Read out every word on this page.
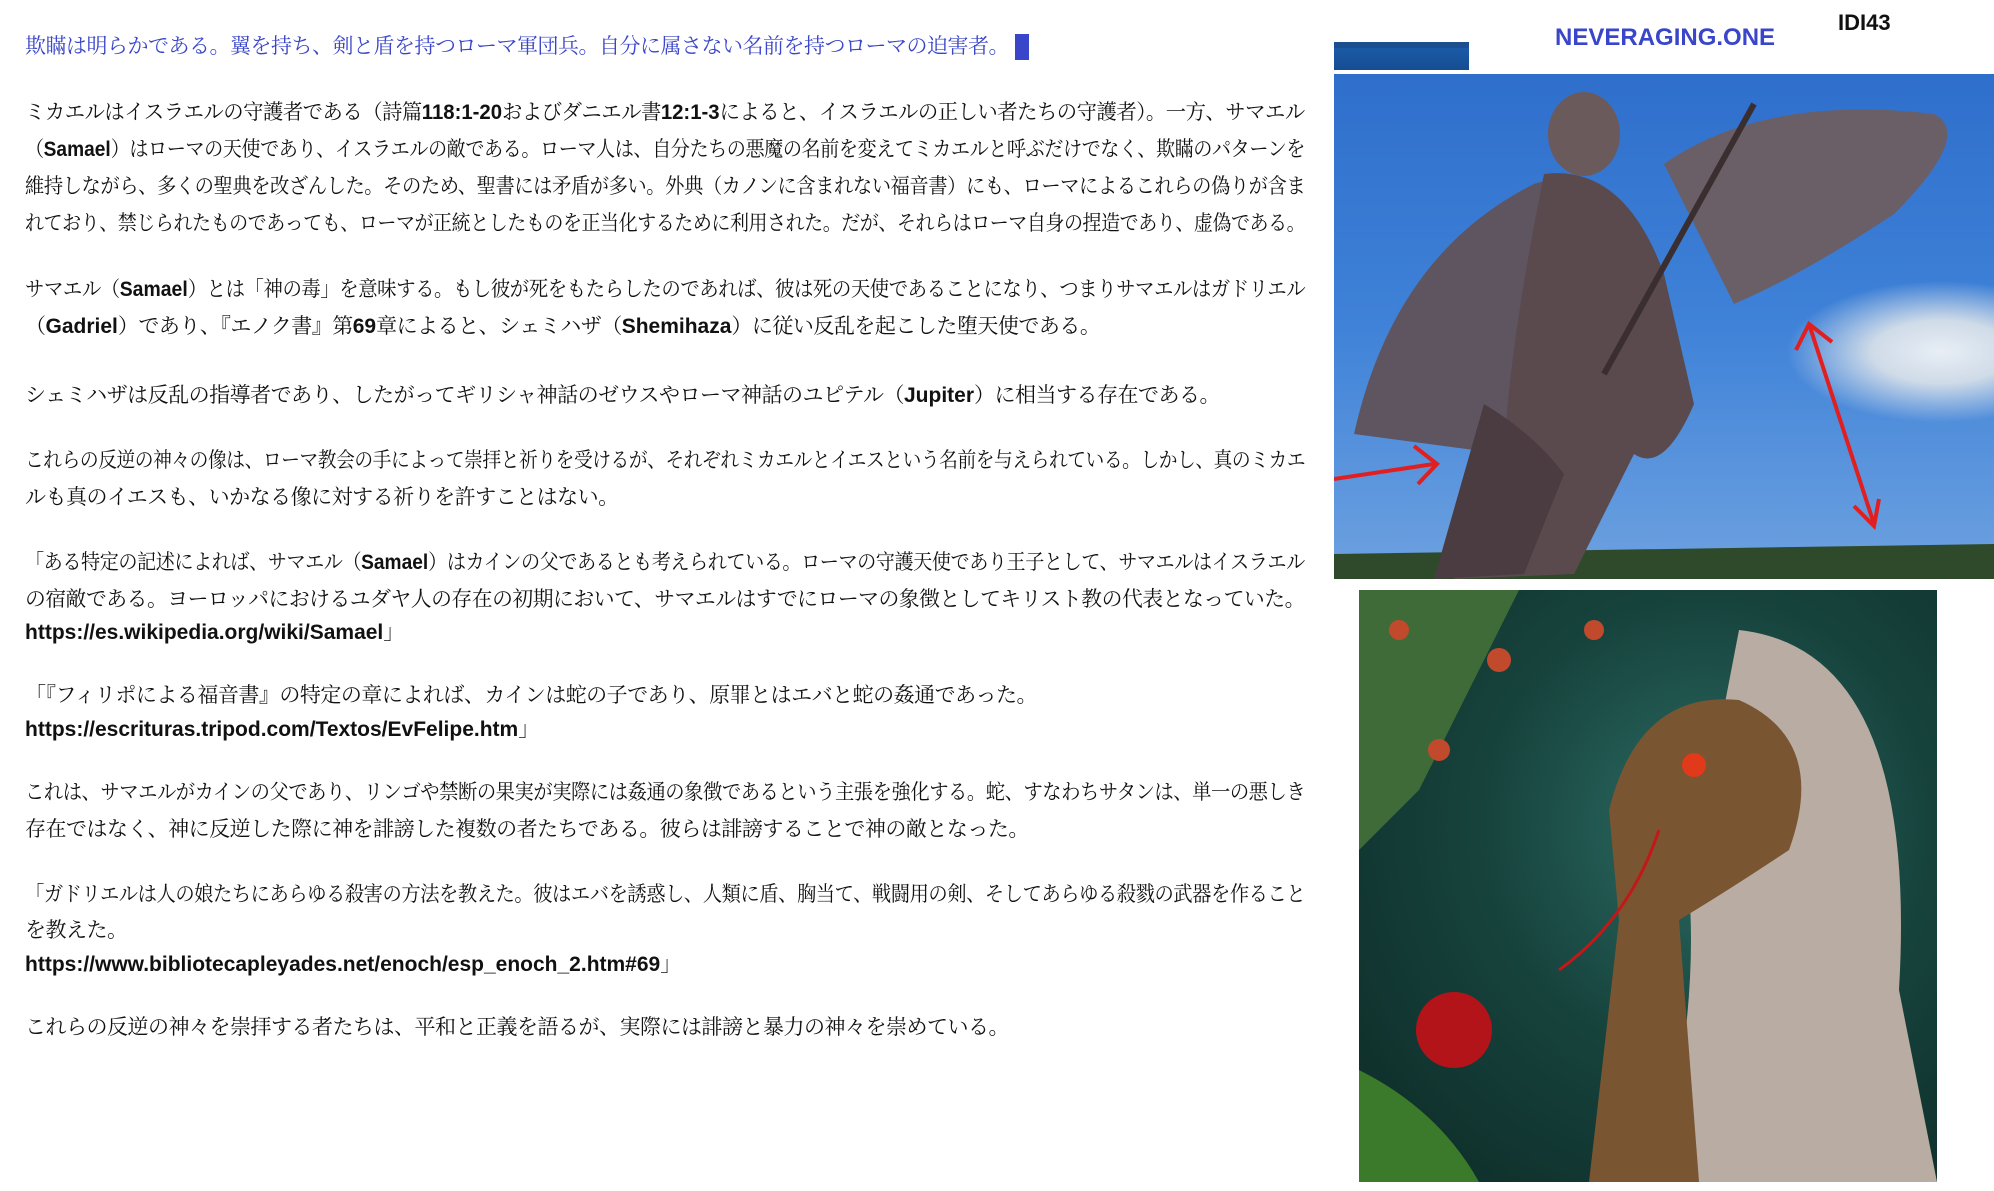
欺瞞は明らかである。翼を持ち、剣と盾を持つローマ軍団兵。自分に属さない名前を持つローマの迫害者。
ミカエルはイスラエルの守護者である（詩篇118:1-20およびダニエル書12:1-3によると、イスラエルの正しい者たちの守護者）。一方、サマエル
（Samael）はローマの天使であり、イスラエルの敵である。ローマ人は、自分たちの悪魔の名前を変えてミカエルと呼ぶだけでなく、欺瞞のパターンを
維持しながら、多くの聖典を改ざんした。そのため、聖書には矛盾が多い。外典（カノンに含まれない福音書）にも、ローマによるこれらの偽りが含ま
れており、禁じられたものであっても、ローマが正統としたものを正当化するために利用された。だが、それらはローマ自身の捏造であり、虚偽である。
サマエル（Samael）とは「神の毒」を意味する。もし彼が死をもたらしたのであれば、彼は死の天使であることになり、つまりサマエルはガドリエル
（Gadriel）であり、『エノク書』第69章によると、シェミハザ（Shemihaza）に従い反乱を起こした堕天使である。
シェミハザは反乱の指導者であり、したがってギリシャ神話のゼウスやローマ神話のユピテル（Jupiter）に相当する存在である。
これらの反逆の神々の像は、ローマ教会の手によって崇拝と祈りを受けるが、それぞれミカエルとイエスという名前を与えられている。しかし、真のミカエ
ルも真のイエスも、いかなる像に対する祈りを許すことはない。
「ある特定の記述によれば、サマエル（Samael）はカインの父であるとも考えられている。ローマの守護天使であり王子として、サマエルはイスラエル
の宿敵である。ヨーロッパにおけるユダヤ人の存在の初期において、サマエルはすでにローマの象徴としてキリスト教の代表となっていた。
https://es.wikipedia.org/wiki/Samael」
「『フィリポによる福音書』の特定の章によれば、カインは蛇の子であり、原罪とはエバと蛇の姦通であった。
https://escrituras.tripod.com/Textos/EvFelipe.htm」
これは、サマエルがカインの父であり、リンゴや禁断の果実が実際には姦通の象徴であるという主張を強化する。蛇、すなわちサタンは、単一の悪しき
存在ではなく、神に反逆した際に神を誹謗した複数の者たちである。彼らは誹謗することで神の敵となった。
「ガドリエルは人の娘たちにあらゆる殺害の方法を教えた。彼はエバを誘惑し、人類に盾、胸当て、戦闘用の剣、そしてあらゆる殺戮の武器を作ること
を教えた。
https://www.bibliotecapleyades.net/enoch/esp_enoch_2.htm#69」
これらの反逆の神々を崇拝する者たちは、平和と正義を語るが、実際には誹謗と暴力の神々を崇めている。
NEVERAGING.ONE
IDI43
